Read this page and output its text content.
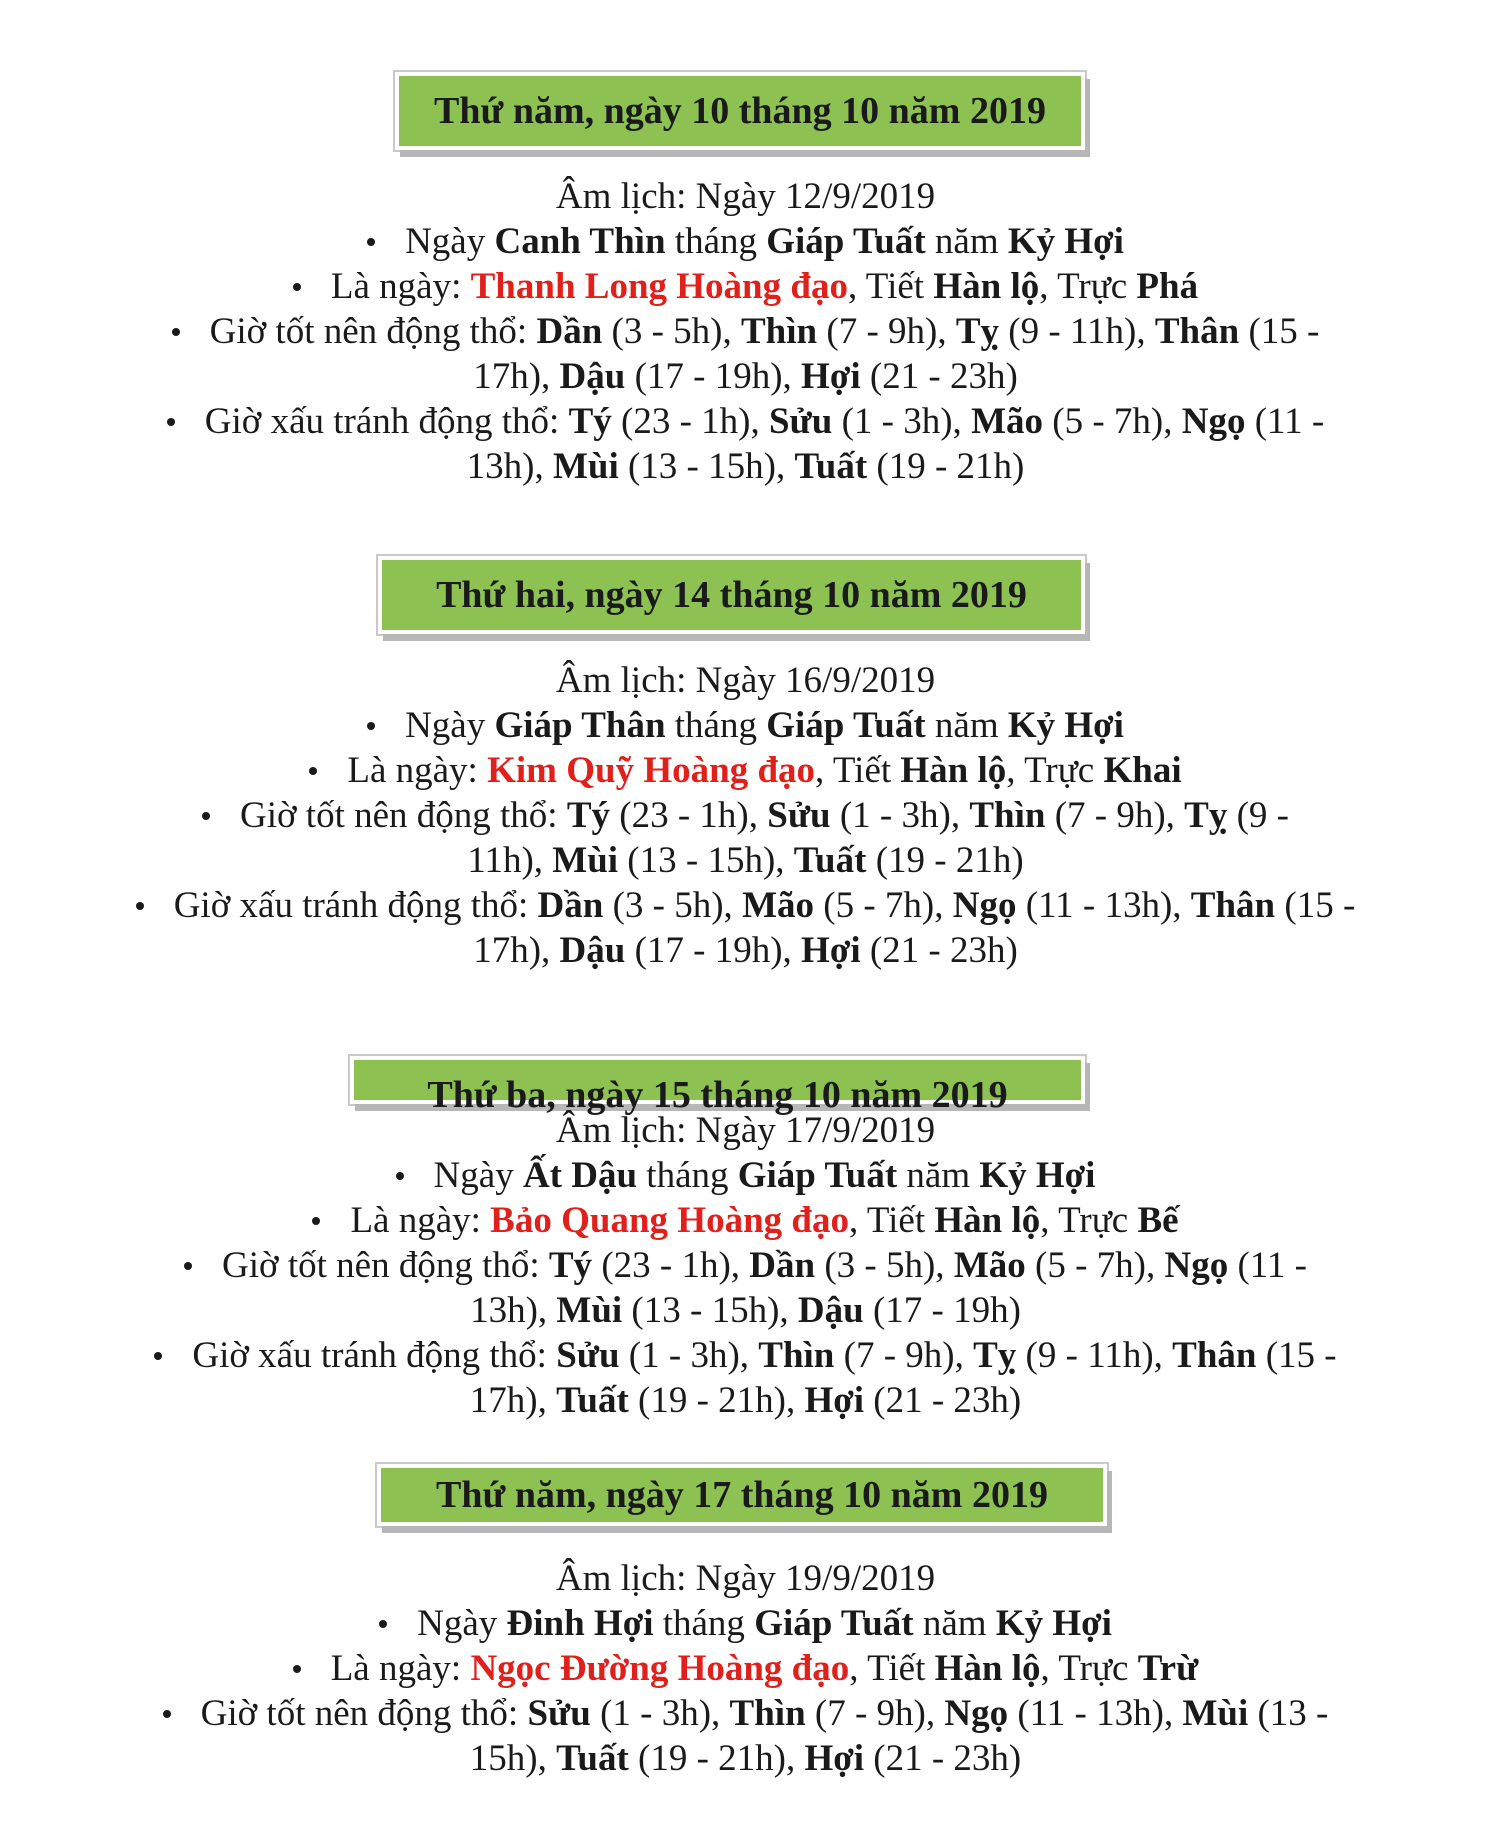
Thứ năm, ngày 10 tháng 10 năm 2019
Âm lịch: Ngày 12/9/2019
Ngày Canh Thìn tháng Giáp Tuất năm Kỷ Hợi
Là ngày: Thanh Long Hoàng đạo, Tiết Hàn lộ, Trực Phá
Giờ tốt nên động thổ: Dần (3 - 5h), Thìn (7 - 9h), Tỵ (9 - 11h), Thân (15 -
17h), Dậu (17 - 19h), Hợi (21 - 23h)
Giờ xấu tránh động thổ: Tý (23 - 1h), Sửu (1 - 3h), Mão (5 - 7h), Ngọ (11 -
13h), Mùi (13 - 15h), Tuất (19 - 21h)
Thứ hai, ngày 14 tháng 10 năm 2019
Âm lịch: Ngày 16/9/2019
Ngày Giáp Thân tháng Giáp Tuất năm Kỷ Hợi
Là ngày: Kim Quỹ Hoàng đạo, Tiết Hàn lộ, Trực Khai
Giờ tốt nên động thổ: Tý (23 - 1h), Sửu (1 - 3h), Thìn (7 - 9h), Tỵ (9 -
11h), Mùi (13 - 15h), Tuất (19 - 21h)
Giờ xấu tránh động thổ: Dần (3 - 5h), Mão (5 - 7h), Ngọ (11 - 13h), Thân (15 -
17h), Dậu (17 - 19h), Hợi (21 - 23h)
Thứ ba, ngày 15 tháng 10 năm 2019
Âm lịch: Ngày 17/9/2019
Ngày Ất Dậu tháng Giáp Tuất năm Kỷ Hợi
Là ngày: Bảo Quang Hoàng đạo, Tiết Hàn lộ, Trực Bế
Giờ tốt nên động thổ: Tý (23 - 1h), Dần (3 - 5h), Mão (5 - 7h), Ngọ (11 -
13h), Mùi (13 - 15h), Dậu (17 - 19h)
Giờ xấu tránh động thổ: Sửu (1 - 3h), Thìn (7 - 9h), Tỵ (9 - 11h), Thân (15 -
17h), Tuất (19 - 21h), Hợi (21 - 23h)
Thứ năm, ngày 17 tháng 10 năm 2019
Âm lịch: Ngày 19/9/2019
Ngày Đinh Hợi tháng Giáp Tuất năm Kỷ Hợi
Là ngày: Ngọc Đường Hoàng đạo, Tiết Hàn lộ, Trực Trừ
Giờ tốt nên động thổ: Sửu (1 - 3h), Thìn (7 - 9h), Ngọ (11 - 13h), Mùi (13 -
15h), Tuất (19 - 21h), Hợi (21 - 23h)
